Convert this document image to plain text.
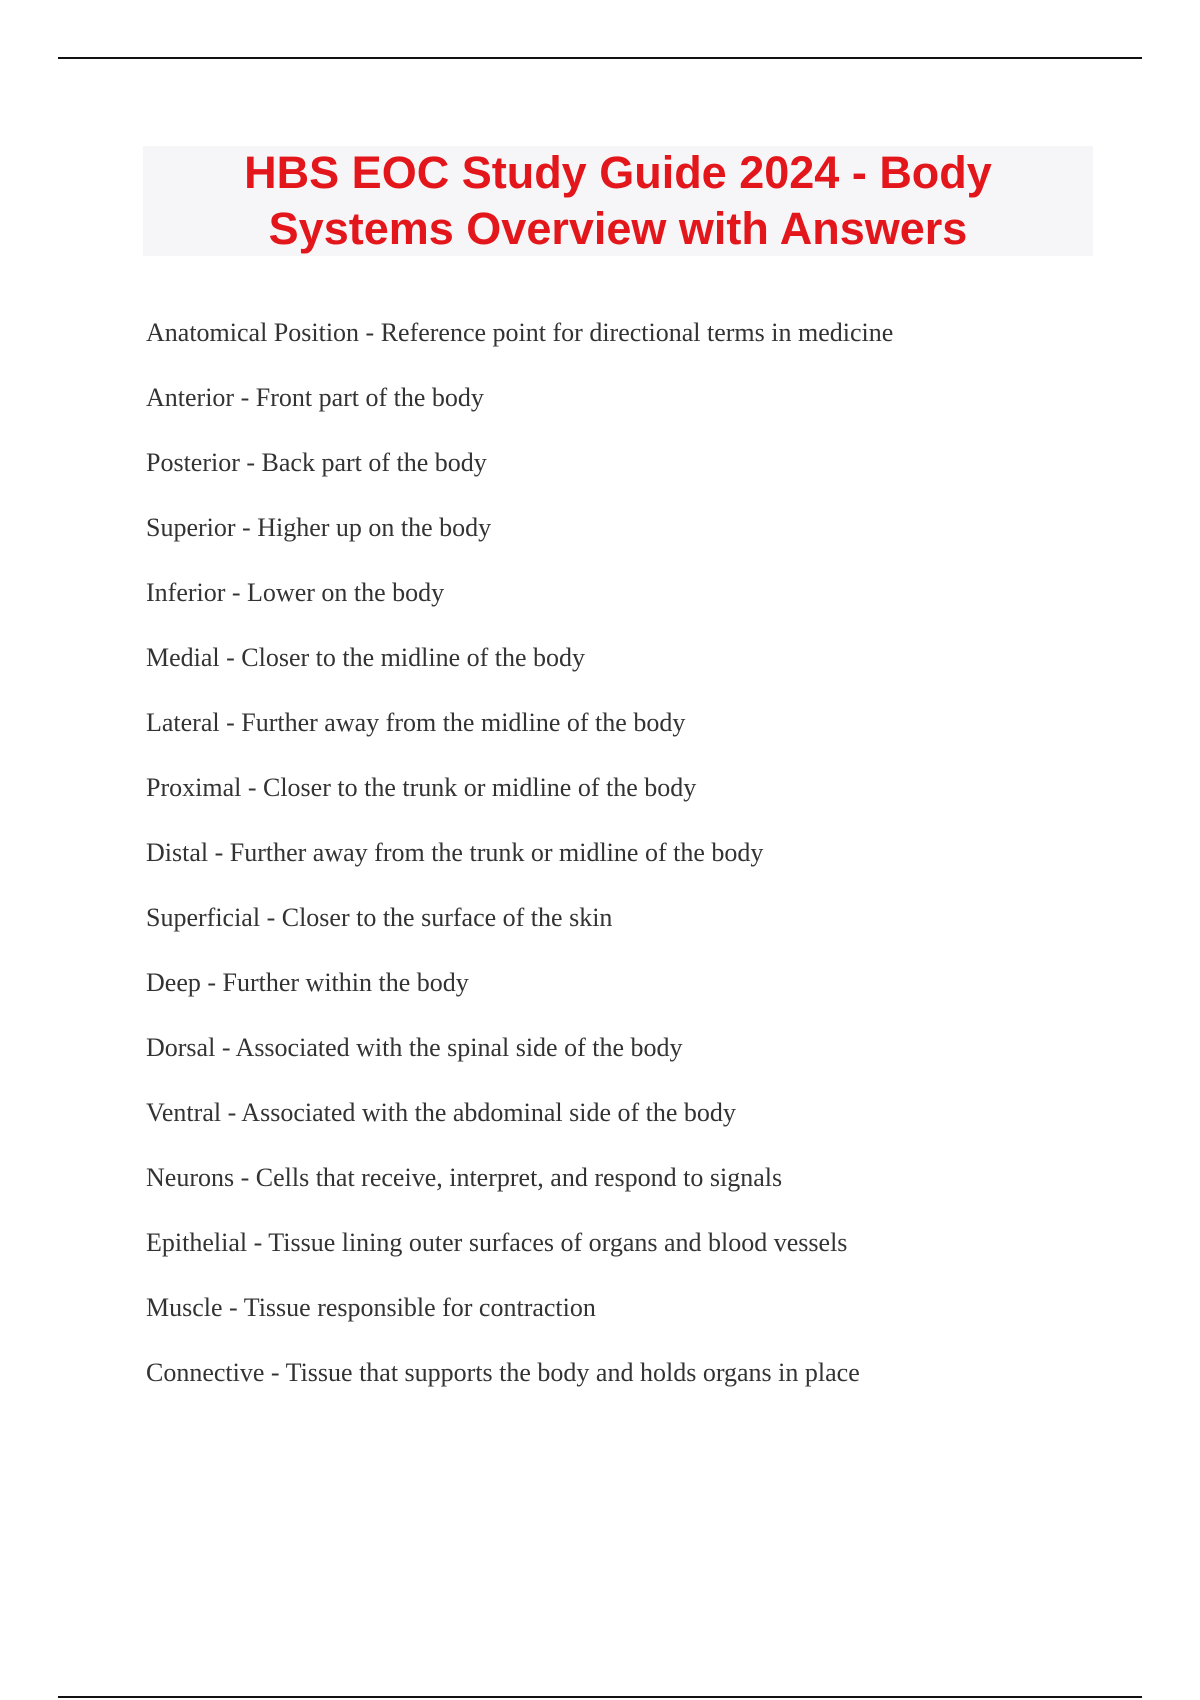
HBS EOC Study Guide 2024 - Body
Systems Overview with Answers
Anatomical Position - Reference point for directional terms in medicine
Anterior - Front part of the body
Posterior - Back part of the body
Superior - Higher up on the body
Inferior - Lower on the body
Medial - Closer to the midline of the body
Lateral - Further away from the midline of the body
Proximal - Closer to the trunk or midline of the body
Distal - Further away from the trunk or midline of the body
Superficial - Closer to the surface of the skin
Deep - Further within the body
Dorsal - Associated with the spinal side of the body
Ventral - Associated with the abdominal side of the body
Neurons - Cells that receive, interpret, and respond to signals
Epithelial - Tissue lining outer surfaces of organs and blood vessels
Muscle - Tissue responsible for contraction
Connective - Tissue that supports the body and holds organs in place
